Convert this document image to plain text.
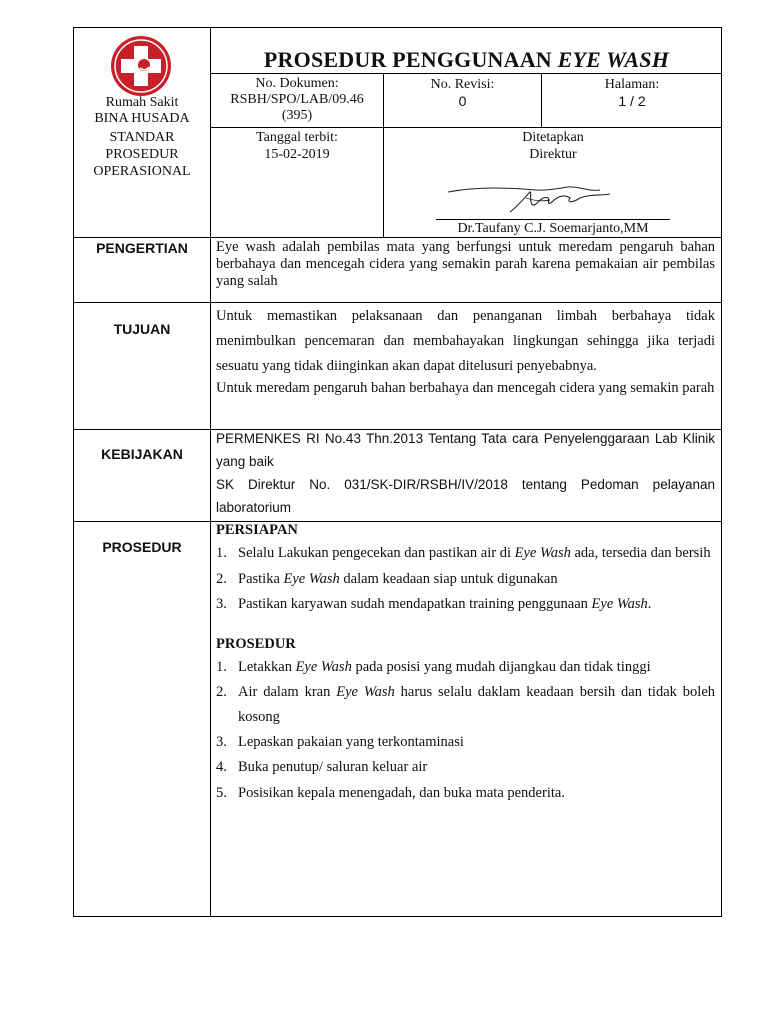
Rumah Sakit
BINA HUSADA
STANDAR
PROSEDUR
OPERASIONAL
PROSEDUR PENGGUNAAN EYE WASH
No. Dokumen:
RSBH/SPO/LAB/09.46
(395)
No. Revisi:
0
Halaman:
1 / 2
Tanggal terbit:
15-02-2019
Ditetapkan
Direktur
Dr.Taufany C.J. Soemarjanto,MM
PENGERTIAN	Eye wash adalah pembilas mata yang berfungsi untuk meredam pengaruh bahan berbahaya dan mencegah cidera yang semakin parah karena pemakaian air pembilas yang salah
TUJUAN
Untuk memastikan pelaksanaan dan penanganan limbah berbahaya tidak menimbulkan pencemaran dan membahayakan lingkungan sehingga jika terjadi sesuatu yang tidak diinginkan akan dapat ditelusuri penyebabnya.
Untuk meredam pengaruh bahan berbahaya dan mencegah cidera yang semakin parah
KEBIJAKAN
PERMENKES RI No.43 Thn.2013 Tentang Tata cara Penyelenggaraan Lab Klinik yang baik
SK Direktur No. 031/SK-DIR/RSBH/IV/2018 tentang Pedoman pelayanan laboratorium
PROSEDUR
PERSIAPAN
1. Selalu Lakukan pengecekan dan pastikan air di Eye Wash ada, tersedia dan bersih
2. Pastika Eye Wash dalam keadaan siap untuk digunakan
3. Pastikan karyawan sudah mendapatkan training penggunaan Eye Wash.
PROSEDUR
1. Letakkan Eye Wash pada posisi yang mudah dijangkau dan tidak tinggi
2. Air dalam kran Eye Wash harus selalu daklam keadaan bersih dan tidak boleh kosong
3. Lepaskan pakaian yang terkontaminasi
4. Buka penutup/ saluran keluar air
5. Posisikan kepala menengadah, dan buka mata penderita.
